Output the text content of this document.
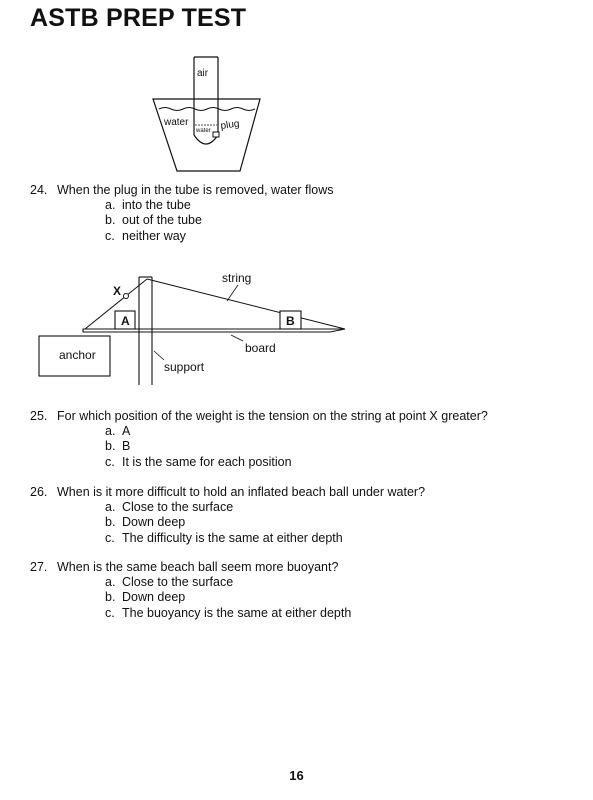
ASTB PREP TEST
air
water
water plug
24. When the plug in the tube is removed, water flows
a. into the tube
b. out of the tube
c. neither way
X
A	B
string
anchor	board
support
25. For which position of the weight is the tension on the string at point X greater?
a. A
b. B
c. It is the same for each position
26. When is it more difficult to hold an inflated beach ball under water?
a. Close to the surface
b. Down deep
c. The difficulty is the same at either depth
27. When is the same beach ball seem more buoyant?
a. Close to the surface
b. Down deep
c. The buoyancy is the same at either depth
16
